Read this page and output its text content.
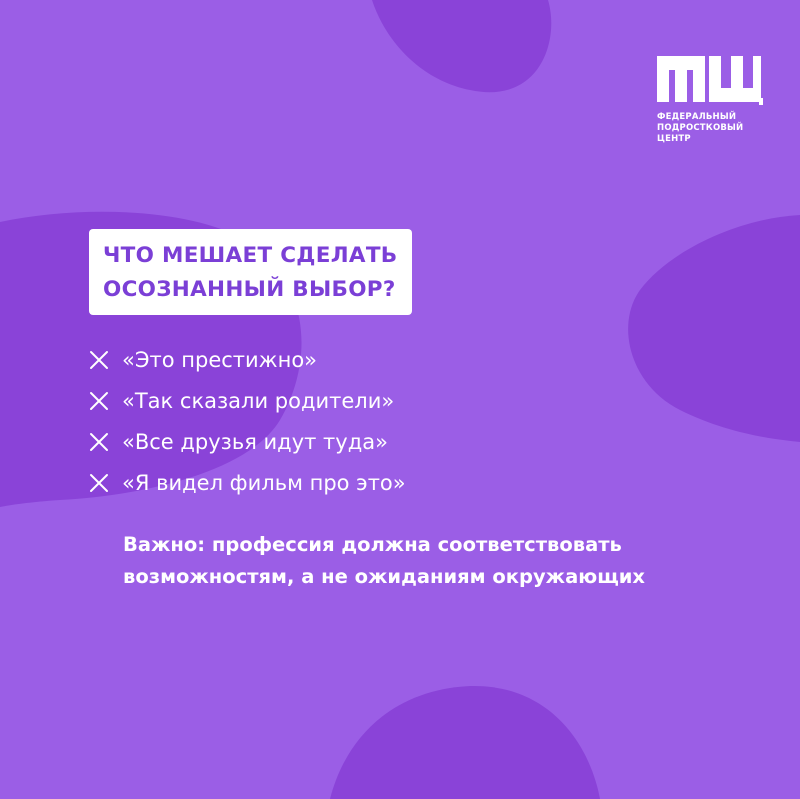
ФЕДЕРАЛЬНЫЙ
ПОДРОСТКОВЫЙ
ЦЕНТР
ЧТО МЕШАЕТ СДЕЛАТЬ
ОСОЗНАННЫЙ ВЫБОР?
«Это престижно»
«Так сказали родители»
«Все друзья идут туда»
«Я видел фильм про это»
Важно: профессия должна соответствовать
возможностям, а не ожиданиям окружающих
